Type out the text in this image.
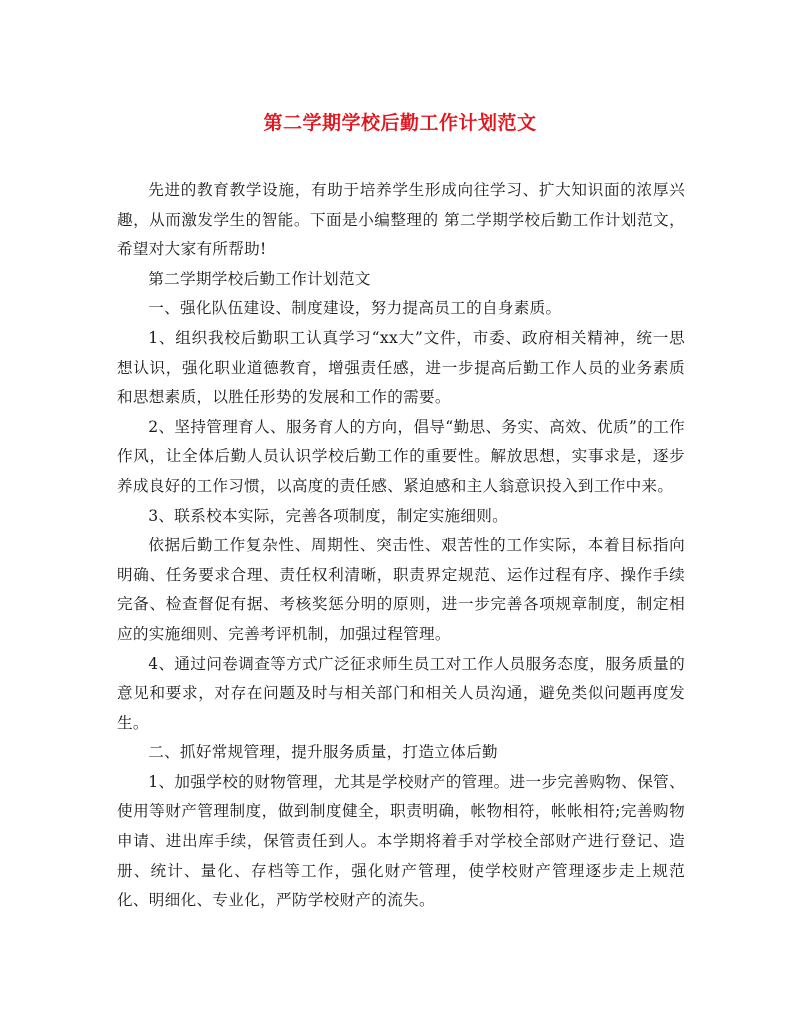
第二学期学校后勤工作计划范文

先进的教育教学设施，有助于培养学生形成向往学习、扩大知识面的浓厚兴趣，从而激发学生的智能。下面是小编整理的 第二学期学校后勤工作计划范文，希望对大家有所帮助!

第二学期学校后勤工作计划范文

一、强化队伍建设、制度建设，努力提高员工的自身素质。

1、组织我校后勤职工认真学习“xx大”文件，市委、政府相关精神，统一思想认识，强化职业道德教育，增强责任感，进一步提高后勤工作人员的业务素质和思想素质，以胜任形势的发展和工作的需要。

2、坚持管理育人、服务育人的方向，倡导“勤思、务实、高效、优质”的工作作风，让全体后勤人员认识学校后勤工作的重要性。解放思想，实事求是，逐步养成良好的工作习惯，以高度的责任感、紧迫感和主人翁意识投入到工作中来。

3、联系校本实际，完善各项制度，制定实施细则。

依据后勤工作复杂性、周期性、突击性、艰苦性的工作实际，本着目标指向明确、任务要求合理、责任权利清晰，职责界定规范、运作过程有序、操作手续完备、检查督促有据、考核奖惩分明的原则，进一步完善各项规章制度，制定相应的实施细则、完善考评机制，加强过程管理。

4、通过问卷调查等方式广泛征求师生员工对工作人员服务态度，服务质量的意见和要求，对存在问题及时与相关部门和相关人员沟通，避免类似问题再度发生。

二、抓好常规管理，提升服务质量，打造立体后勤

1、加强学校的财物管理，尤其是学校财产的管理。进一步完善购物、保管、使用等财产管理制度，做到制度健全，职责明确，帐物相符，帐帐相符;完善购物申请、进出库手续，保管责任到人。本学期将着手对学校全部财产进行登记、造册、统计、量化、存档等工作，强化财产管理，使学校财产管理逐步走上规范化、明细化、专业化，严防学校财产的流失。
